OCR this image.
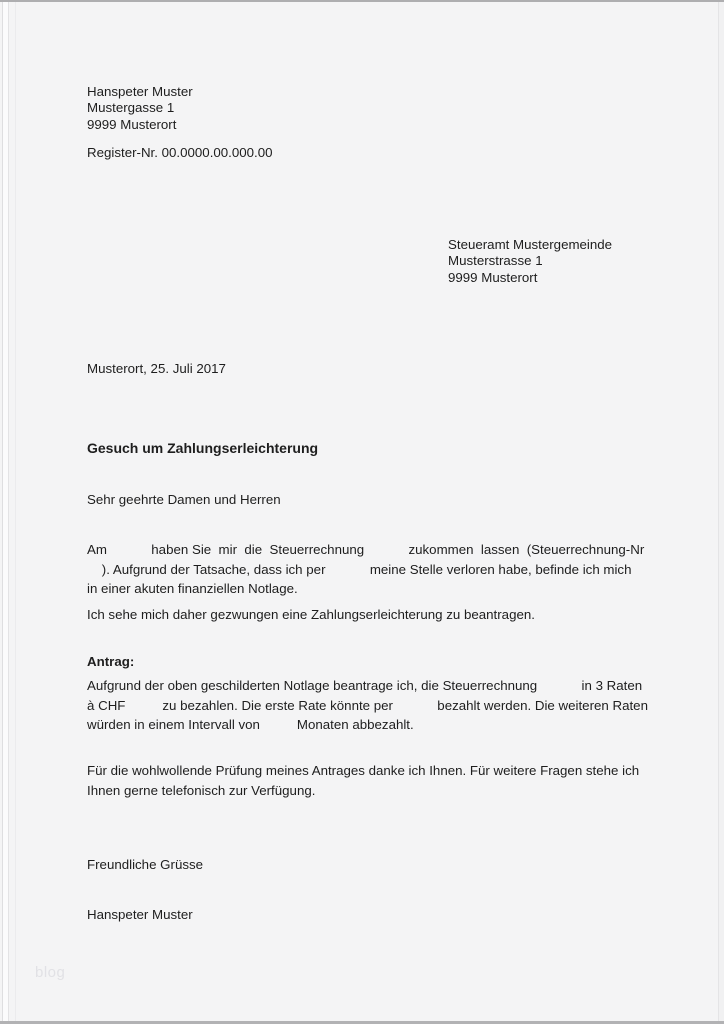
Hanspeter Muster
Mustergasse 1
9999 Musterort
Register-Nr. 00.0000.00.000.00
Steueramt Mustergemeinde
Musterstrasse 1
9999 Musterort
Musterort, 25. Juli 2017
Gesuch um Zahlungserleichterung
Sehr geehrte Damen und Herren
Am            haben Sie  mir  die  Steuerrechnung            zukommen  lassen  (Steuerrechnung-Nr
). Aufgrund der Tatsache, dass ich per            meine Stelle verloren habe, befinde ich mich
in einer akuten finanziellen Notlage.
Ich sehe mich daher gezwungen eine Zahlungserleichterung zu beantragen.
Antrag:
Aufgrund der oben geschilderten Notlage beantrage ich, die Steuerrechnung            in 3 Raten
à CHF          zu bezahlen. Die erste Rate könnte per            bezahlt werden. Die weiteren Raten
würden in einem Intervall von          Monaten abbezahlt.
Für die wohlwollende Prüfung meines Antrages danke ich Ihnen. Für weitere Fragen stehe ich
Ihnen gerne telefonisch zur Verfügung.
Freundliche Grüsse
Hanspeter Muster
blog
